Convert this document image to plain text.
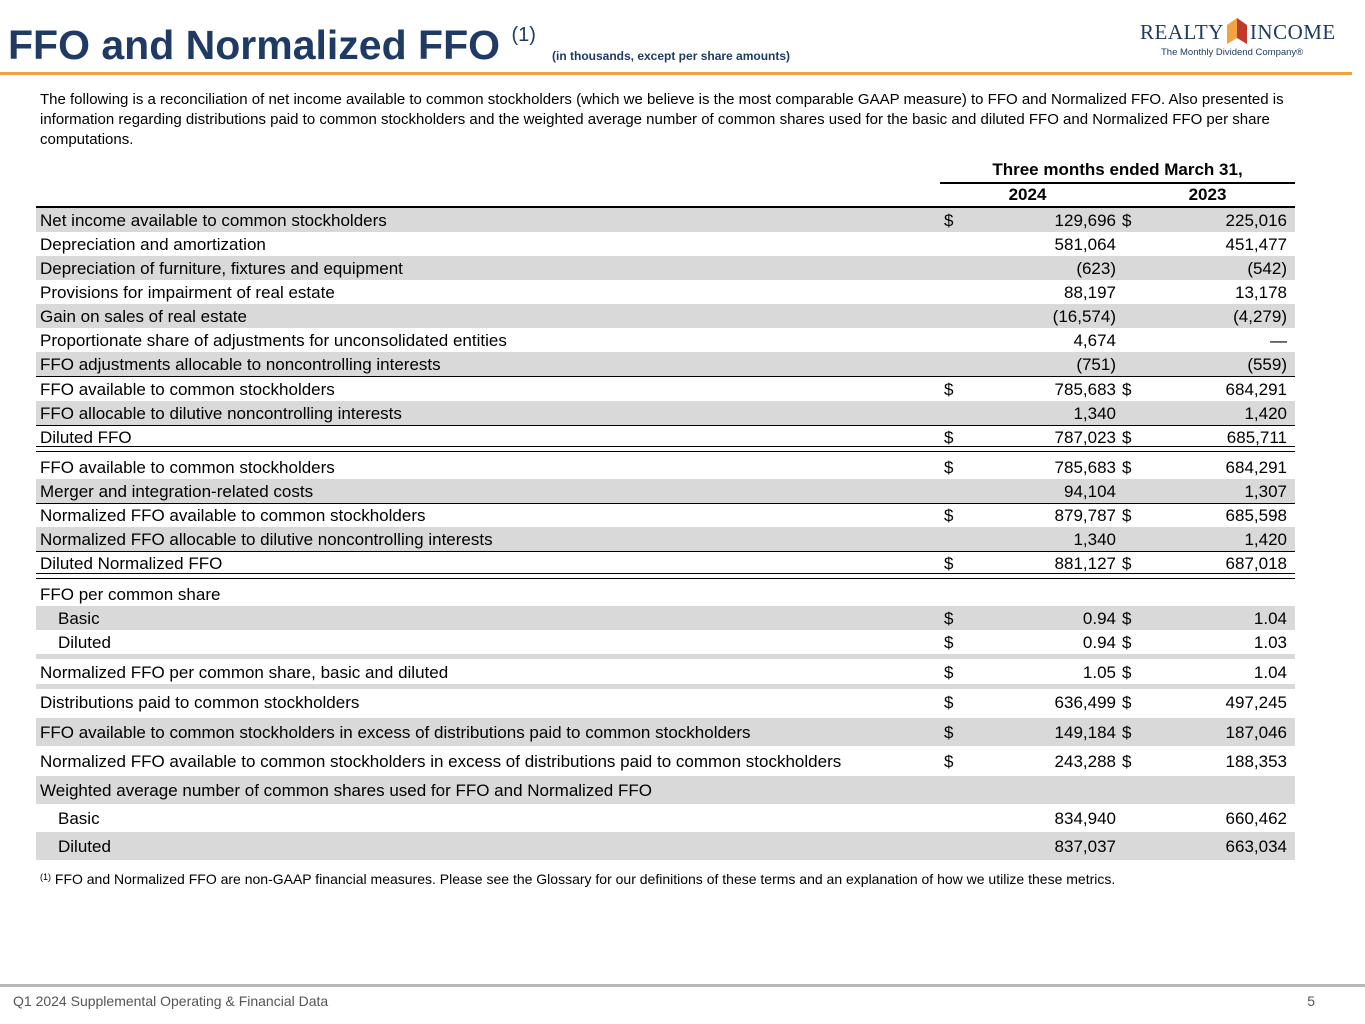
FFO and Normalized FFO $^{(1)}$
(in thousands, except per share amounts)
REALTY INCOME
The Monthly Dividend Company®
The following is a reconciliation of net income available to common stockholders (which we believe is the most comparable GAAP measure) to FFO and Normalized FFO. Also presented is information regarding distributions paid to common stockholders and the weighted average number of common shares used for the basic and diluted FFO and Normalized FFO per share computations.
Three months ended March 31,
2024	2023
Net income available to common stockholders	$	129,696 $	225,016
Depreciation and amortization	581,064	451,477
Depreciation of furniture, fixtures and equipment	(623)	(542)
Provisions for impairment of real estate	88,197	13,178
Gain on sales of real estate	(16,574)	(4,279)
Proportionate share of adjustments for unconsolidated entities	4,674	—
FFO adjustments allocable to noncontrolling interests	(751)	(559)
FFO available to common stockholders	$	785,683 $	684,291
FFO allocable to dilutive noncontrolling interests	1,340	1,420
Diluted FFO	$	787,023 $	685,711
FFO available to common stockholders	$	785,683 $	684,291
Merger and integration-related costs	94,104	1,307
Normalized FFO available to common stockholders	$	879,787 $	685,598
Normalized FFO allocable to dilutive noncontrolling interests	1,340	1,420
Diluted Normalized FFO	$	881,127 $	687,018
FFO per common share
Basic	$	0.94 $	1.04
Diluted	$	0.94 $	1.03
Normalized FFO per common share, basic and diluted	$	1.05 $	1.04
Distributions paid to common stockholders	$	636,499 $	497,245
FFO available to common stockholders in excess of distributions paid to common stockholders	$	149,184 $	187,046
Normalized FFO available to common stockholders in excess of distributions paid to common stockholders	$	243,288 $	188,353
Weighted average number of common shares used for FFO and Normalized FFO
Basic	834,940	660,462
Diluted	837,037	663,034
$^{(1)}$ FFO and Normalized FFO are non-GAAP financial measures. Please see the Glossary for our definitions of these terms and an explanation of how we utilize these metrics.
Q1 2024 Supplemental Operating & Financial Data	5
